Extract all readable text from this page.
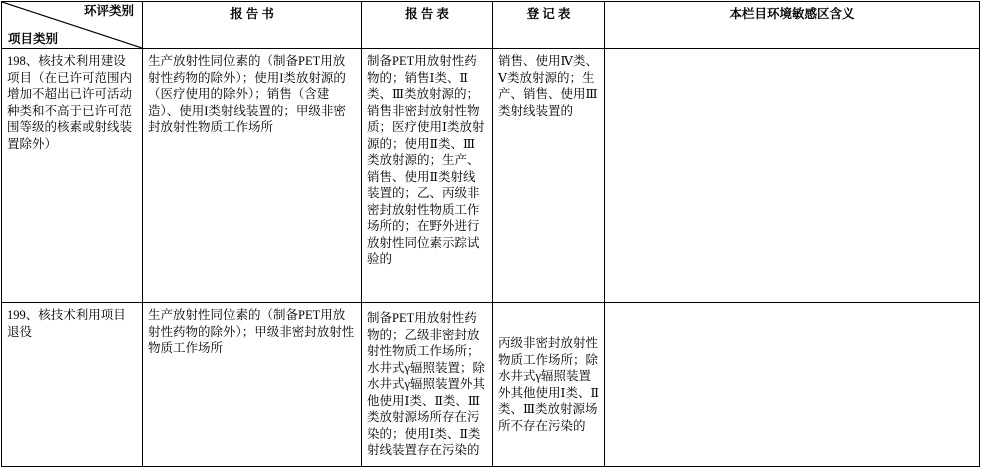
环评类别
项目类别	报 告 书	报 告 表	登 记 表	本栏目环境敏感区含义
198、核技术利用建设项目（在已许可范围内增加不超出已许可活动种类和不高于已许可范围等级的核素或射线装置除外）	生产放射性同位素的（制备PET用放射性药物的除外）；使用I类放射源的（医疗使用的除外）；销售（含建造）、使用I类射线装置的；甲级非密封放射性物质工作场所	制备PET用放射性药物的；销售Ⅰ类、Ⅱ类、Ⅲ类放射源的；销售非密封放射性物质；医疗使用Ⅰ类放射源的；使用Ⅱ类、Ⅲ类放射源的；生产、销售、使用Ⅱ类射线装置的；乙、丙级非密封放射性物质工作场所的；在野外进行放射性同位素示踪试验的	销售、使用Ⅳ类、Ⅴ类放射源的；生产、销售、使用Ⅲ类射线装置的	
199、核技术利用项目退役	生产放射性同位素的（制备PET用放射性药物的除外）；甲级非密封放射性物质工作场所	制备PET用放射性药物的；乙级非密封放射性物质工作场所；水井式γ辐照装置；除水井式γ辐照装置外其他使用Ⅰ类、Ⅱ类、Ⅲ类放射源场所存在污染的；使用Ⅰ类、Ⅱ类射线装置存在污染的	丙级非密封放射性物质工作场所；除水井式γ辐照装置外其他使用Ⅰ类、Ⅱ类、Ⅲ类放射源场所不存在污染的	
